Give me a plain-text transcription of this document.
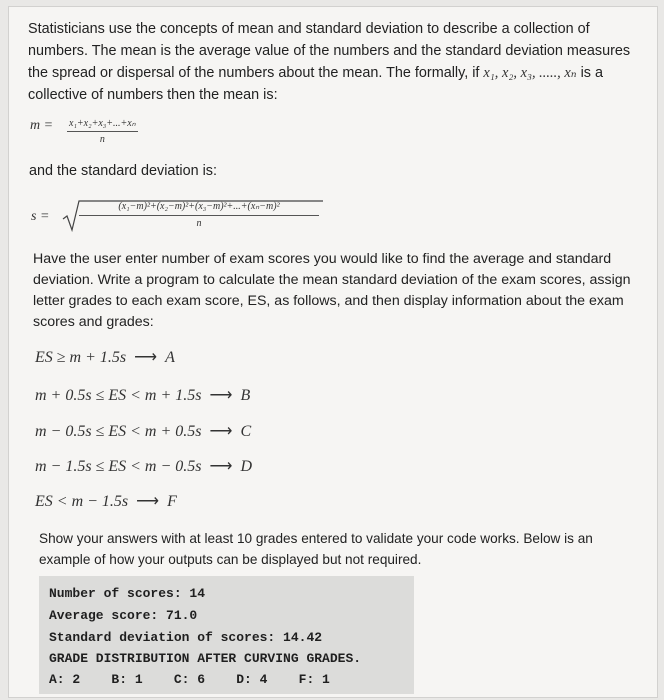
Statisticians use the concepts of mean and standard deviation to describe a collection of numbers. The mean is the average value of the numbers and the standard deviation measures the spread or dispersal of the numbers about the mean. The formally, if x₁, x₂, x₃, ....., xₙ is a collective of numbers then the mean is:
$m = \frac{\text{x₁+x₂+x₃+...+xₙ}}{n}$
and the standard deviation is:
s =	$\frac{\text{(x₁−m)²+(x₂−m)²+(x₃−m)²+...+(xₙ−m)²}}{n}$
Have the user enter number of exam scores you would like to find the average and standard deviation. Write a program to calculate the mean standard deviation of the exam scores, assign letter grades to each exam score, ES, as follows, and then display information about the exam scores and grades:
ES ≥ m + 1.5s ⟶ A
m + 0.5s ≤ ES < m + 1.5s ⟶ B
m − 0.5s ≤ ES < m + 0.5s ⟶ C
m − 1.5s ≤ ES < m − 0.5s ⟶ D
ES < m − 1.5s ⟶ F
Show your answers with at least 10 grades entered to validate your code works. Below is an example of how your outputs can be displayed but not required.
Number of scores: 14
Average score: 71.0
Standard deviation of scores: 14.42
GRADE DISTRIBUTION AFTER CURVING GRADES.
A: 2    B: 1    C: 6    D: 4    F: 1
